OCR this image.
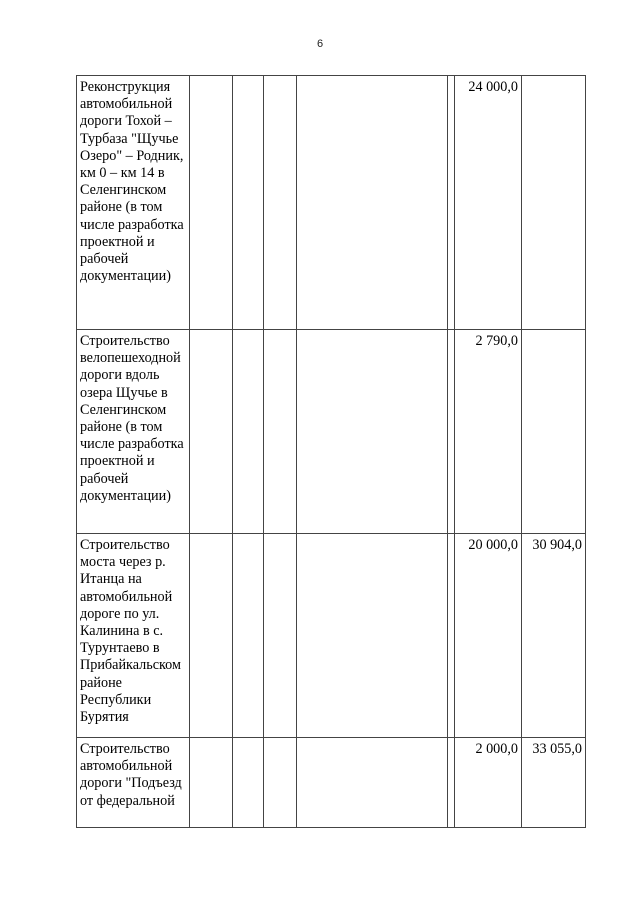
6
Реконструкция автомобильной дороги Тохой – Турбаза "Щучье Озеро" – Родник, км 0 – км 14 в Селенгинском районе (в том числе разработка проектной и рабочей документации)						24 000,0	
Строительство велопешеходной дороги вдоль озера Щучье в Селенгинском районе (в том числе разработка проектной и рабочей документации)						2 790,0	
Строительство моста через р. Итанца на автомобильной дороге по ул. Калинина в с. Турунтаево в Прибайкальском районе Республики Бурятия						20 000,0	30 904,0
Строительство автомобильной дороги "Подъезд от федеральной						2 000,0	33 055,0
